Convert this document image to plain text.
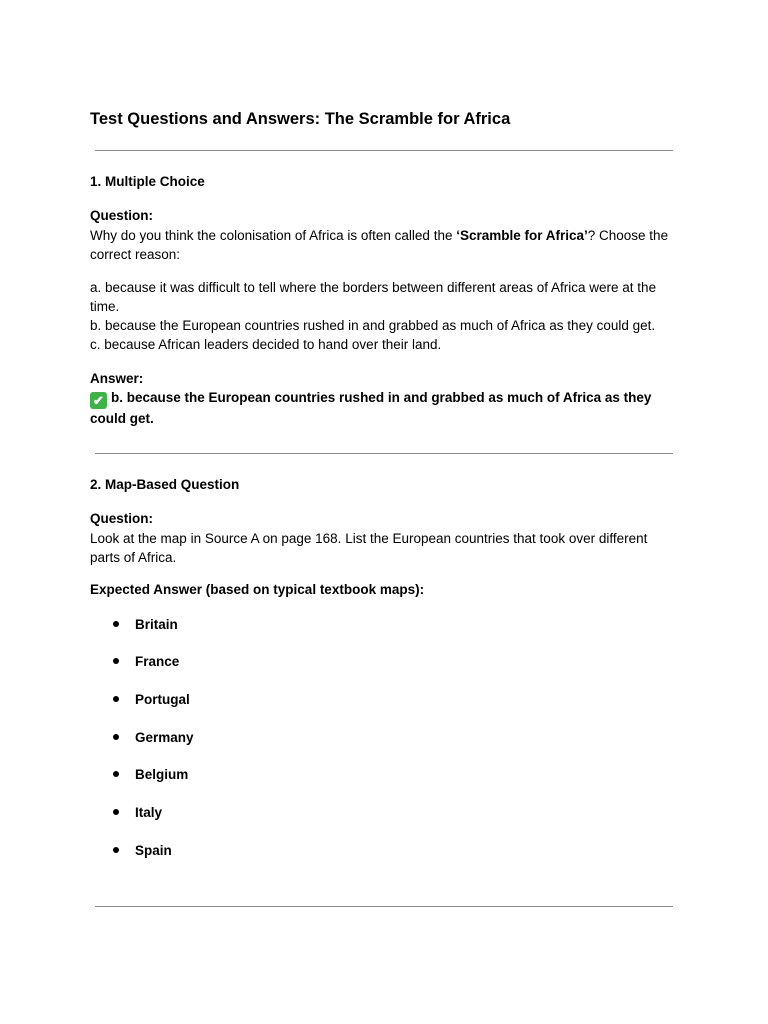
Test Questions and Answers: The Scramble for Africa
1. Multiple Choice
Question:
Why do you think the colonisation of Africa is often called the ‘Scramble for Africa’? Choose the correct reason:
a. because it was difficult to tell where the borders between different areas of Africa were at the time.
b. because the European countries rushed in and grabbed as much of Africa as they could get.
c. because African leaders decided to hand over their land.
Answer:
✔ b. because the European countries rushed in and grabbed as much of Africa as they could get.
2. Map-Based Question
Question:
Look at the map in Source A on page 168. List the European countries that took over different parts of Africa.
Expected Answer (based on typical textbook maps):
Britain
France
Portugal
Germany
Belgium
Italy
Spain
